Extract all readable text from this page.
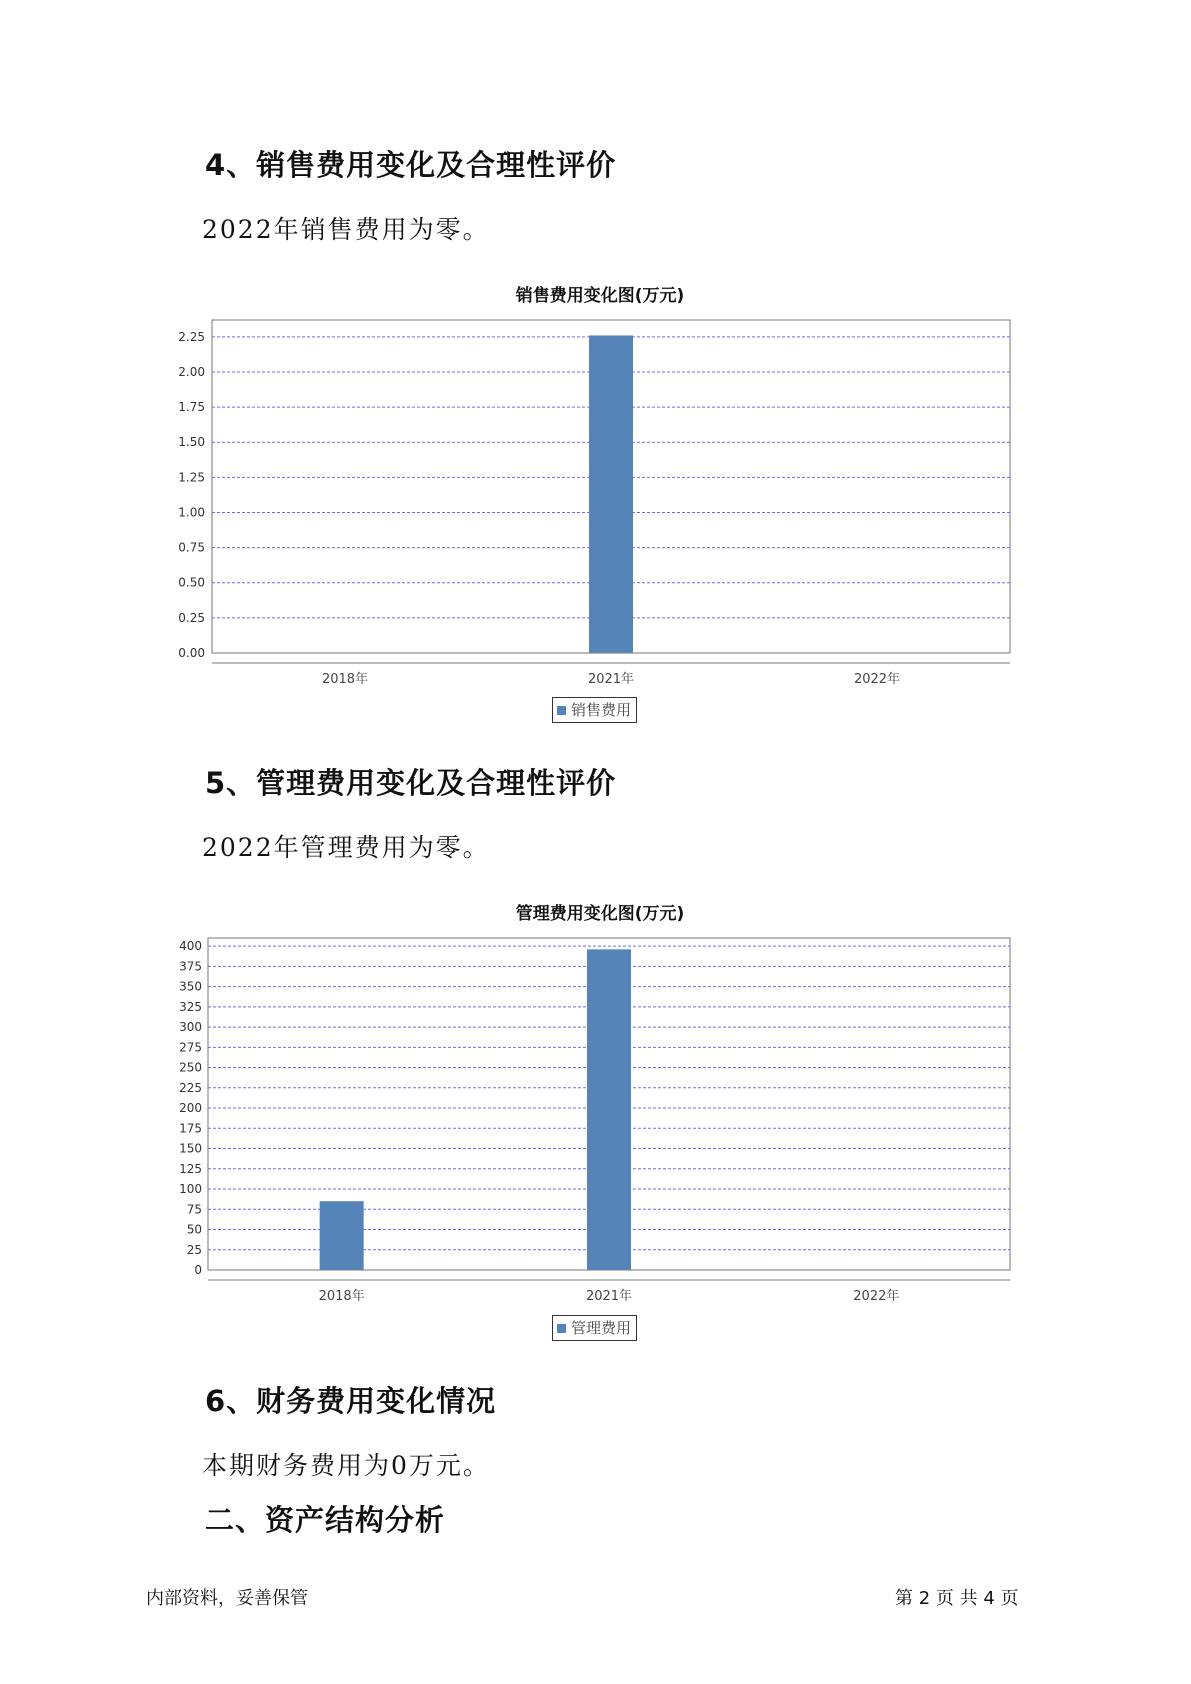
4、销售费用变化及合理性评价
2022年销售费用为零。
销售费用变化图(万元)
0.00
0.25
0.50
0.75
1.00
1.25
1.50
1.75
2.00
2.25
2018年	2021年	2022年
销售费用
5、管理费用变化及合理性评价
2022年管理费用为零。
管理费用变化图(万元)
0
25
50
75
100
125
150
175
200
225
250
275
300
325
350
375
400
2018年	2021年	2022年
管理费用
6、财务费用变化情况
本期财务费用为0万元。
二、资产结构分析
内部资料，妥善保管	第 2 页 共 4 页
